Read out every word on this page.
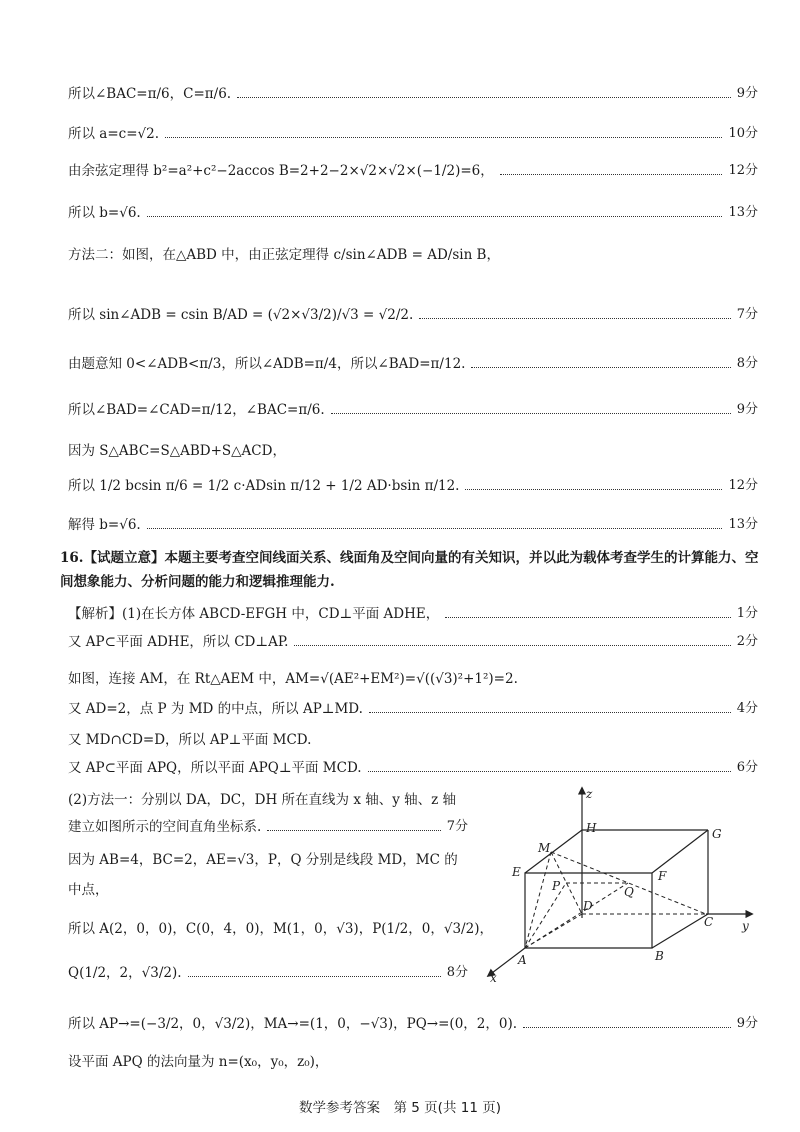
所以∠BAC=π/6，C=π/6.	9分
所以 a=c=√2.	10分
由余弦定理得 b²=a²+c²−2accos B=2+2−2×√2×√2×(−1/2)=6，	12分
所以 b=√6.	13分
方法二：如图，在△ABD 中，由正弦定理得 c/sin∠ADB = AD/sin B，
所以 sin∠ADB = csin B/AD = (√2×√3/2)/√3 = √2/2.	7分
由题意知 0<∠ADB<π/3，所以∠ADB=π/4，所以∠BAD=π/12.	8分
所以∠BAD=∠CAD=π/12，∠BAC=π/6.	9分
因为 S△ABC=S△ABD+S△ACD，
所以 1/2 bcsin π/6 = 1/2 c·ADsin π/12 + 1/2 AD·bsin π/12.	12分
解得 b=√6.	13分
16.【试题立意】本题主要考查空间线面关系、线面角及空间向量的有关知识，并以此为载体考查学生的计算能力、空间想象能力、分析问题的能力和逻辑推理能力.
【解析】(1)在长方体 ABCD-EFGH 中，CD⊥平面 ADHE，	1分
又 AP⊂平面 ADHE，所以 CD⊥AP.	2分
如图，连接 AM，在 Rt△AEM 中，AM=√(AE²+EM²)=√((√3)²+1²)=2.
又 AD=2，点 P 为 MD 的中点，所以 AP⊥MD.	4分
又 MD∩CD=D，所以 AP⊥平面 MCD.
又 AP⊂平面 APQ，所以平面 APQ⊥平面 MCD.	6分
(2)方法一：分别以 DA，DC，DH 所在直线为 x 轴、y 轴、z 轴
建立如图所示的空间直角坐标系.	7分
因为 AB=4，BC=2，AE=√3，P，Q 分别是线段 MD，MC 的
中点，
所以 A(2，0，0)，C(0，4，0)，M(1，0，√3)，P(1/2，0，√3/2)，
Q(1/2，2，√3/2).	8分
所以 AP→=(−3/2，0，√3/2)，MA→=(1，0，−√3)，PQ→=(0，2，0).	9分
设平面 APQ 的法向量为 n=(x₀，y₀，z₀)，
z
y
x
H	G
M
E	F
P
D
Q
C
A	B
数学参考答案　第 5 页(共 11 页)
